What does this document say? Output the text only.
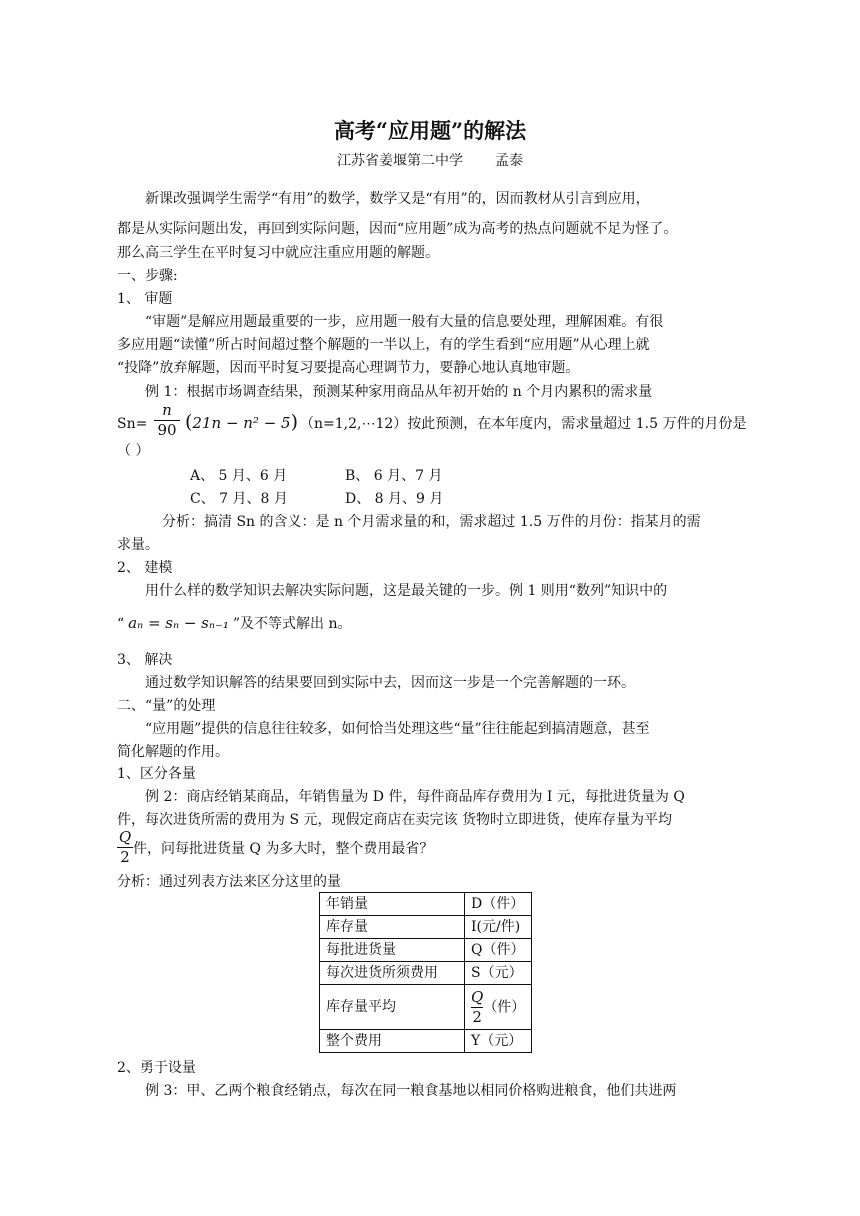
高考“应用题”的解法
江苏省姜堰第二中学 孟泰
新课改强调学生需学“有用”的数学，数学又是“有用”的，因而教材从引言到应用，
都是从实际问题出发，再回到实际问题，因而“应用题”成为高考的热点问题就不足为怪了。
那么高三学生在平时复习中就应注重应用题的解题。
一、步骤:
1、 审题
“审题”是解应用题最重要的一步，应用题一般有大量的信息要处理，理解困难。有很
多应用题“读懂”所占时间超过整个解题的一半以上，有的学生看到“应用题”从心理上就
“投降”放弃解题，因而平时复习要提高心理调节力，要静心地认真地审题。
例 1：根据市场调查结果，预测某种家用商品从年初开始的 n 个月内累积的需求量
Sn=
n
90 (21n − n² − 5) （n=1,2,⋯12）按此预测，在本年度内，需求量超过 1.5 万件的月份是
（ ）
A、 5 月、6 月	B、 6 月、7 月
C、 7 月、8 月	D、 8 月、9 月
分析：搞清 Sn 的含义：是 n 个月需求量的和，需求超过 1.5 万件的月份：指某月的需
求量。
2、 建模
用什么样的数学知识去解决实际问题，这是最关键的一步。例 1 则用“数列”知识中的
“ aₙ = sₙ − sₙ₋₁ ”及不等式解出 n。
3、 解决
通过数学知识解答的结果要回到实际中去，因而这一步是一个完善解题的一环。
二、“量”的处理
“应用题”提供的信息往往较多，如何恰当处理这些“量”往往能起到搞清题意，甚至
简化解题的作用。
1、区分各量
例 2：商店经销某商品，年销售量为 D 件，每件商品库存费用为 I 元，每批进货量为 Q
件，每次进货所需的费用为 S 元，现假定商店在卖完该 货物时立即进货，使库存量为平均
Q
2 件，问每批进货量 Q 为多大时，整个费用最省？
分析：通过列表方法来区分这里的量
年销量	D（件）
库存量	I(元/件)
每批进货量	Q（件）
每次进货所须费用	S（元）
库存量平均	$\frac{Q}{2}$ （件）
整个费用	Y（元）
2、勇于设量
例 3：甲、乙两个粮食经销点，每次在同一粮食基地以相同价格购进粮食，他们共进两
